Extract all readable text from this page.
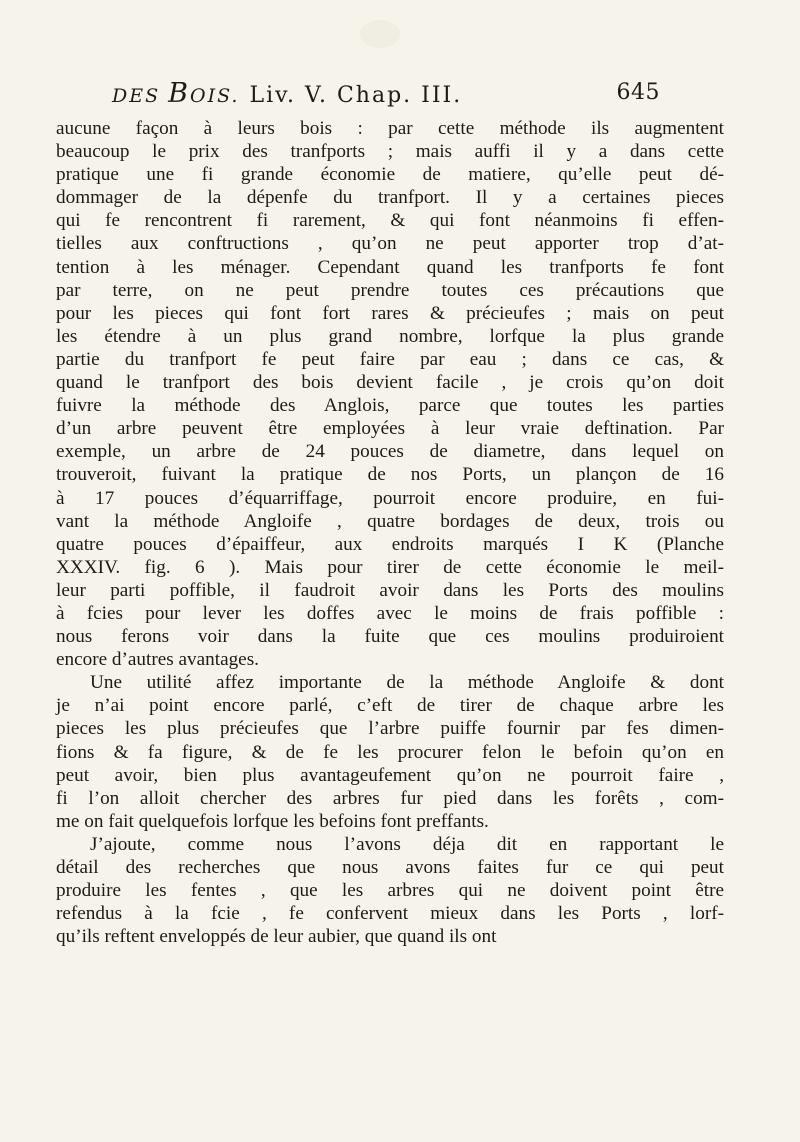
DES BOIS. Liv. V. Chap. III.	645
aucune façon à leurs bois : par cette méthode ils augmentent
beaucoup le prix des tranfports ; mais auffi il y a dans cette
pratique une fi grande économie de matiere, qu’elle peut dé-
dommager de la dépenfe du tranfport. Il y a certaines pieces
qui fe rencontrent fi rarement, & qui font néanmoins fi effen-
tielles aux conftructions , qu’on ne peut apporter trop d’at-
tention à les ménager. Cependant quand les tranfports fe font
par terre, on ne peut prendre toutes ces précautions que
pour les pieces qui font fort rares & précieufes ; mais on peut
les étendre à un plus grand nombre, lorfque la plus grande
partie du tranfport fe peut faire par eau ; dans ce cas, &
quand le tranfport des bois devient facile , je crois qu’on doit
fuivre la méthode des Anglois, parce que toutes les parties
d’un arbre peuvent être employées à leur vraie deftination. Par
exemple, un arbre de 24 pouces de diametre, dans lequel on
trouveroit, fuivant la pratique de nos Ports, un plançon de 16
à 17 pouces d’équarriffage, pourroit encore produire, en fui-
vant la méthode Angloife , quatre bordages de deux, trois ou
quatre pouces d’épaiffeur, aux endroits marqués I K (Planche
XXXIV. fig. 6 ). Mais pour tirer de cette économie le meil-
leur parti poffible, il faudroit avoir dans les Ports des moulins
à fcies pour lever les doffes avec le moins de frais poffible :
nous ferons voir dans la fuite que ces moulins produiroient
encore d’autres avantages.
Une utilité affez importante de la méthode Angloife & dont
je n’ai point encore parlé, c’eft de tirer de chaque arbre les
pieces les plus précieufes que l’arbre puiffe fournir par fes dimen-
fions & fa figure, & de fe les procurer felon le befoin qu’on en
peut avoir, bien plus avantageufement qu’on ne pourroit faire ,
fi l’on alloit chercher des arbres fur pied dans les forêts , com-
me on fait quelquefois lorfque les befoins font preffants.
J’ajoute, comme nous l’avons déja dit en rapportant le
détail des recherches que nous avons faites fur ce qui peut
produire les fentes , que les arbres qui ne doivent point être
refendus à la fcie , fe confervent mieux dans les Ports , lorf-
qu’ils reftent enveloppés de leur aubier, que quand ils ont
